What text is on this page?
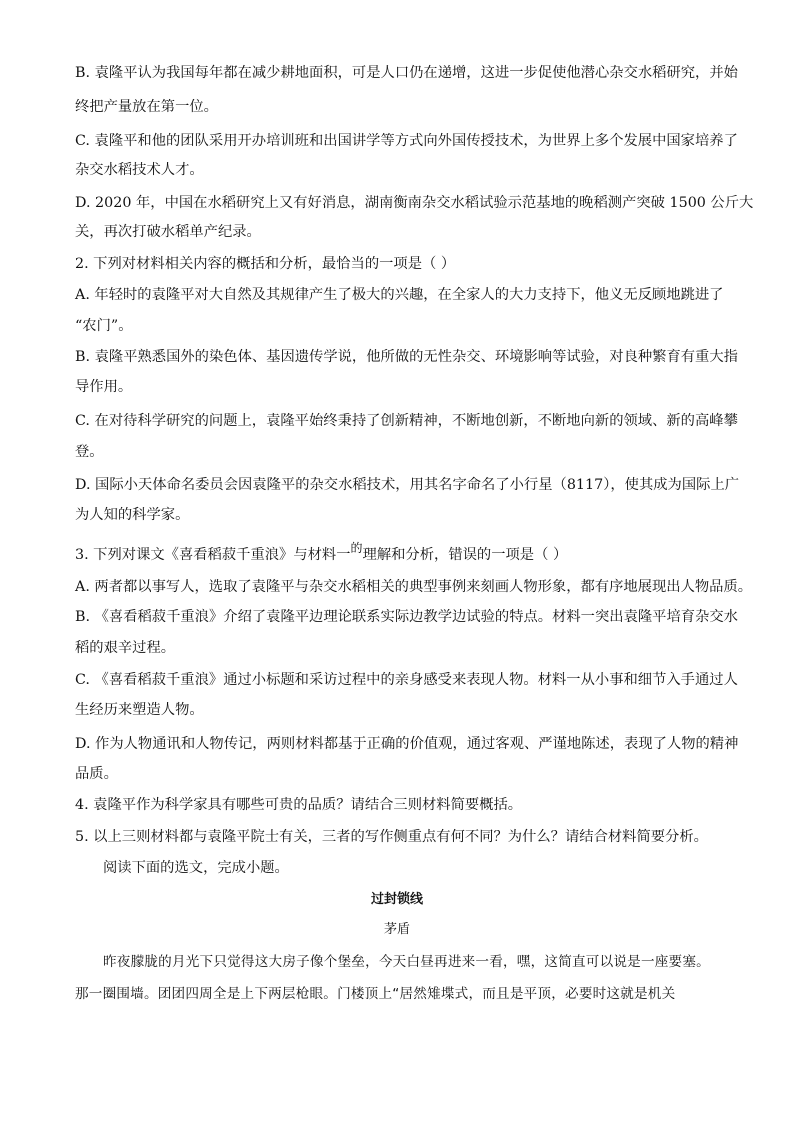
B. 袁隆平认为我国每年都在减少耕地面积，可是人口仍在递增，这进一步促使他潜心杂交水稻研究，并始
终把产量放在第一位。
C. 袁隆平和他的团队采用开办培训班和出国讲学等方式向外国传授技术，为世界上多个发展中国家培养了
杂交水稻技术人才。
D. 2020 年，中国在水稻研究上又有好消息，湖南衡南杂交水稻试验示范基地的晚稻测产突破 1500 公斤大
关，再次打破水稻单产纪录。
2. 下列对材料相关内容的概括和分析，最恰当的一项是（ ）
A. 年轻时的袁隆平对大自然及其规律产生了极大的兴趣，在全家人的大力支持下，他义无反顾地跳进了
“农门”。
B. 袁隆平熟悉国外的染色体、基因遗传学说，他所做的无性杂交、环境影响等试验，对良种繁育有重大指
导作用。
C. 在对待科学研究的问题上，袁隆平始终秉持了创新精神，不断地创新，不断地向新的领域、新的高峰攀
登。
D. 国际小天体命名委员会因袁隆平的杂交水稻技术，用其名字命名了小行星（8117），使其成为国际上广
为人知的科学家。
3. 下列对课文《喜看稻菽千重浪》与材料一$^的$理解和分析，错误的一项是（ ）
A. 两者都以事写人，选取了袁隆平与杂交水稻相关的典型事例来刻画人物形象，都有序地展现出人物品质。
B. 《喜看稻菽千重浪》介绍了袁隆平边理论联系实际边教学边试验的特点。材料一突出袁隆平培育杂交水
稻的艰辛过程。
C. 《喜看稻菽千重浪》通过小标题和采访过程中的亲身感受来表现人物。材料一从小事和细节入手通过人
生经历来塑造人物。
D. 作为人物通讯和人物传记，两则材料都基于正确的价值观，通过客观、严谨地陈述，表现了人物的精神
品质。
4. 袁隆平作为科学家具有哪些可贵的品质？请结合三则材料简要概括。
5. 以上三则材料都与袁隆平院士有关，三者的写作侧重点有何不同？为什么？请结合材料简要分析。
阅读下面的选文，完成小题。
过封锁线
茅盾
昨夜朦胧的月光下只觉得这大房子像个堡垒，今天白昼再进来一看，嘿，这简直可以说是一座要塞。
那一圈围墙。团团四周全是上下两层枪眼。门楼顶上“居然雉堞式，而且是平顶，必要时这就是机关
